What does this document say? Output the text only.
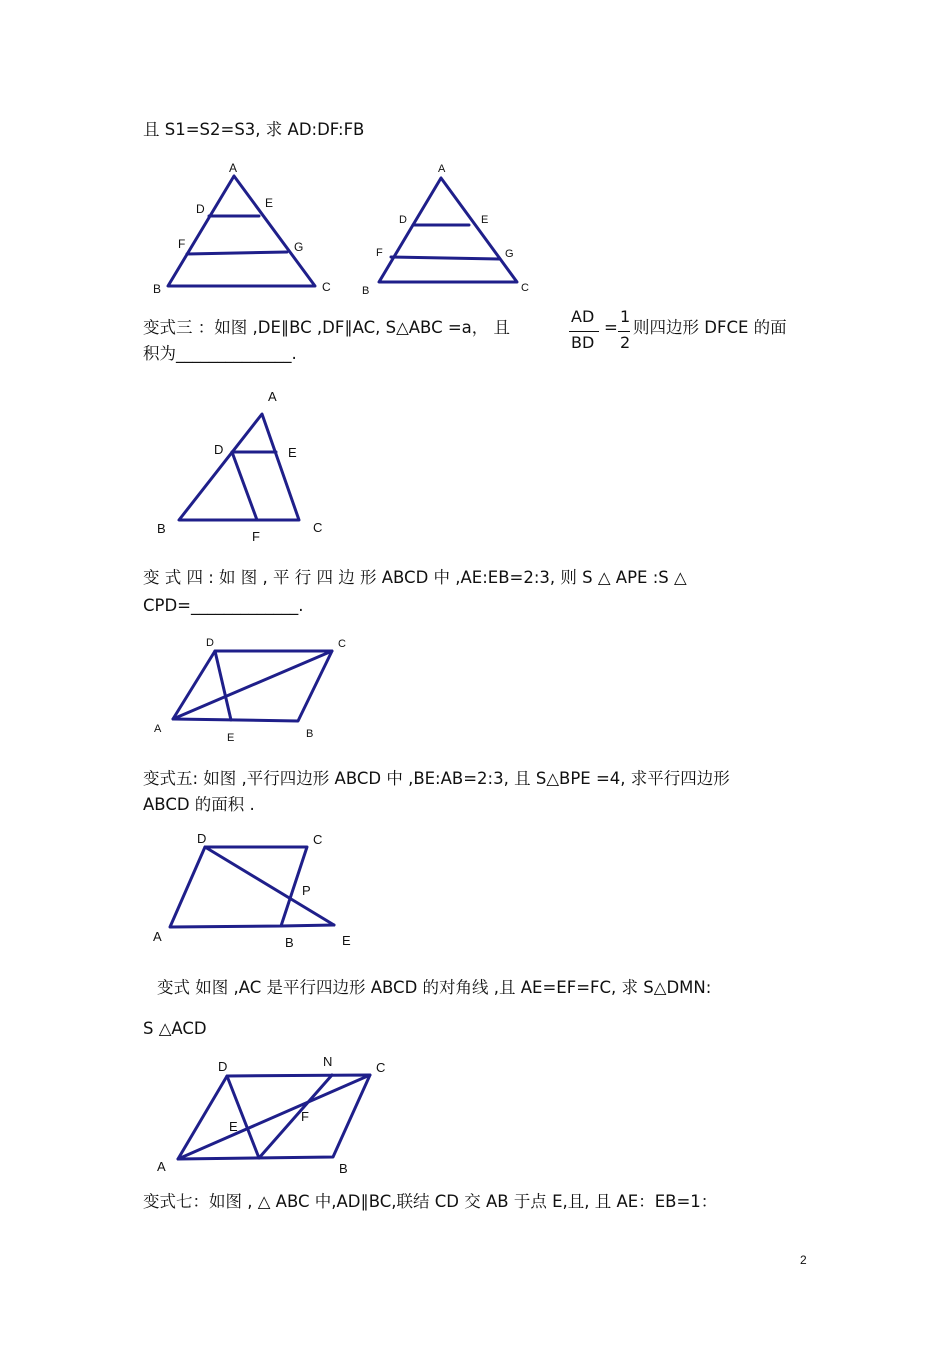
且 S1=S2=S3, 求 AD:DF:FB
变式三 ：如图 ,DE∥BC ,DF∥AC, S△ABC =a， 且
AD
BD
=
1
2
则四边形 DFCE 的面
积为______________.
变 式 四 : 如 图 , 平 行 四 边 形 ABCD 中 ,AE:EB=2:3, 则 S △ APE :S △
CPD=_____________.
变式五: 如图 ,平行四边形 ABCD 中 ,BE:AB=2:3, 且 S△BPE =4, 求平行四边形
ABCD 的面积 .
变式 如图 ,AC 是平行四边形 ABCD 的对角线 ,且 AE=EF=FC, 求 S△DMN:
S △ACD
变式七：如图 , △ ABC 中,AD∥BC,联结 CD 交 AB 于点 E,且, 且 AE：EB=1：
2
A
D	E
F	G
B	C
A
D	E
F	G
B	C
A
D	E
B
F
C
D	C
A
E	B
D	C
P
A	B	E
D	N	C
E
F
A	B
